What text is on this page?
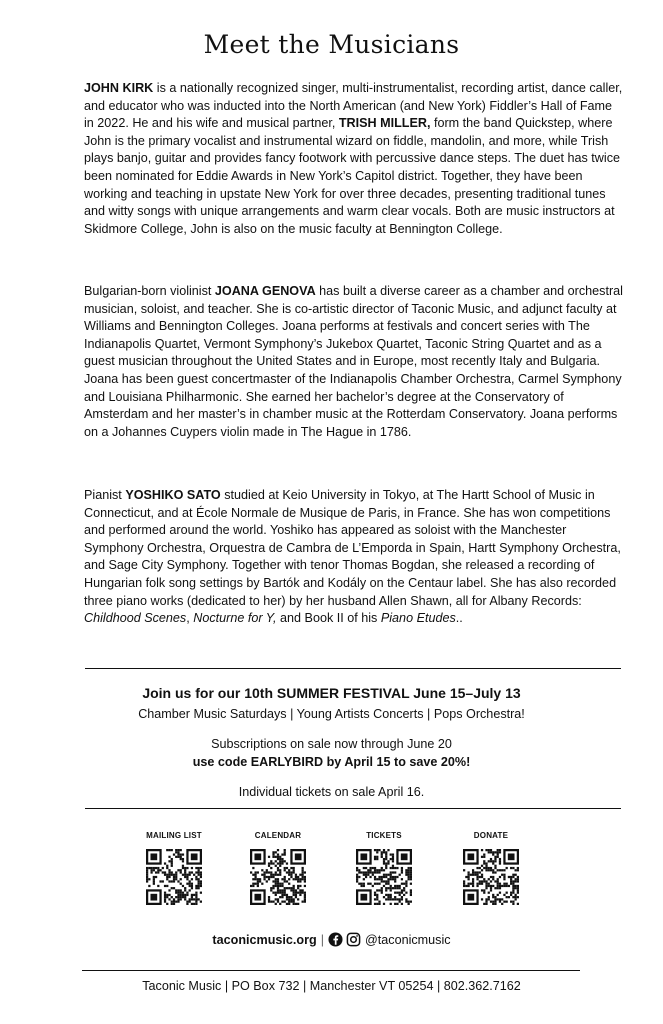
Meet the Musicians

JOHN KIRK is a nationally recognized singer, multi-instrumentalist, recording artist, dance caller, and educator who was inducted into the North American (and New York) Fiddler’s Hall of Fame in 2022. He and his wife and musical partner, TRISH MILLER, form the band Quickstep, where John is the primary vocalist and instrumental wizard on fiddle, mandolin, and more, while Trish plays banjo, guitar and provides fancy footwork with percussive dance steps. The duet has twice been nominated for Eddie Awards in New York’s Capitol district. Together, they have been working and teaching in upstate New York for over three decades, presenting traditional tunes and witty songs with unique arrangements and warm clear vocals. Both are music instructors at Skidmore College, John is also on the music faculty at Bennington College.

Bulgarian-born violinist JOANA GENOVA has built a diverse career as a chamber and orchestral musician, soloist, and teacher. She is co-artistic director of Taconic Music, and adjunct faculty at Williams and Bennington Colleges. Joana performs at festivals and concert series with The Indianapolis Quartet, Vermont Symphony’s Jukebox Quartet, Taconic String Quartet and as a guest musician throughout the United States and in Europe, most recently Italy and Bulgaria. Joana has been guest concertmaster of the Indianapolis Chamber Orchestra, Carmel Symphony and Louisiana Philharmonic. She earned her bachelor’s degree at the Conservatory of Amsterdam and her master’s in chamber music at the Rotterdam Conservatory. Joana performs on a Johannes Cuypers violin made in The Hague in 1786.

Pianist YOSHIKO SATO studied at Keio University in Tokyo, at The Hartt School of Music in Connecticut, and at École Normale de Musique de Paris, in France. She has won competitions and performed around the world. Yoshiko has appeared as soloist with the Manchester Symphony Orchestra, Orquestra de Cambra de L’Emporda in Spain, Hartt Symphony Orchestra, and Sage City Symphony. Together with tenor Thomas Bogdan, she released a recording of Hungarian folk song settings by Bartók and Kodály on the Centaur label. She has also recorded three piano works (dedicated to her) by her husband Allen Shawn, all for Albany Records: Childhood Scenes, Nocturne for Y, and Book II of his Piano Etudes..

Join us for our 10th SUMMER FESTIVAL June 15–July 13
Chamber Music Saturdays | Young Artists Concerts | Pops Orchestra!
Subscriptions on sale now through June 20
use code EARLYBIRD by April 15 to save 20%!
Individual tickets on sale April 16.
MAILING LIST	CALENDAR	TICKETS	DONATE
taconicmusic.org |	@taconicmusic
Taconic Music | PO Box 732 | Manchester VT 05254 | 802.362.7162
